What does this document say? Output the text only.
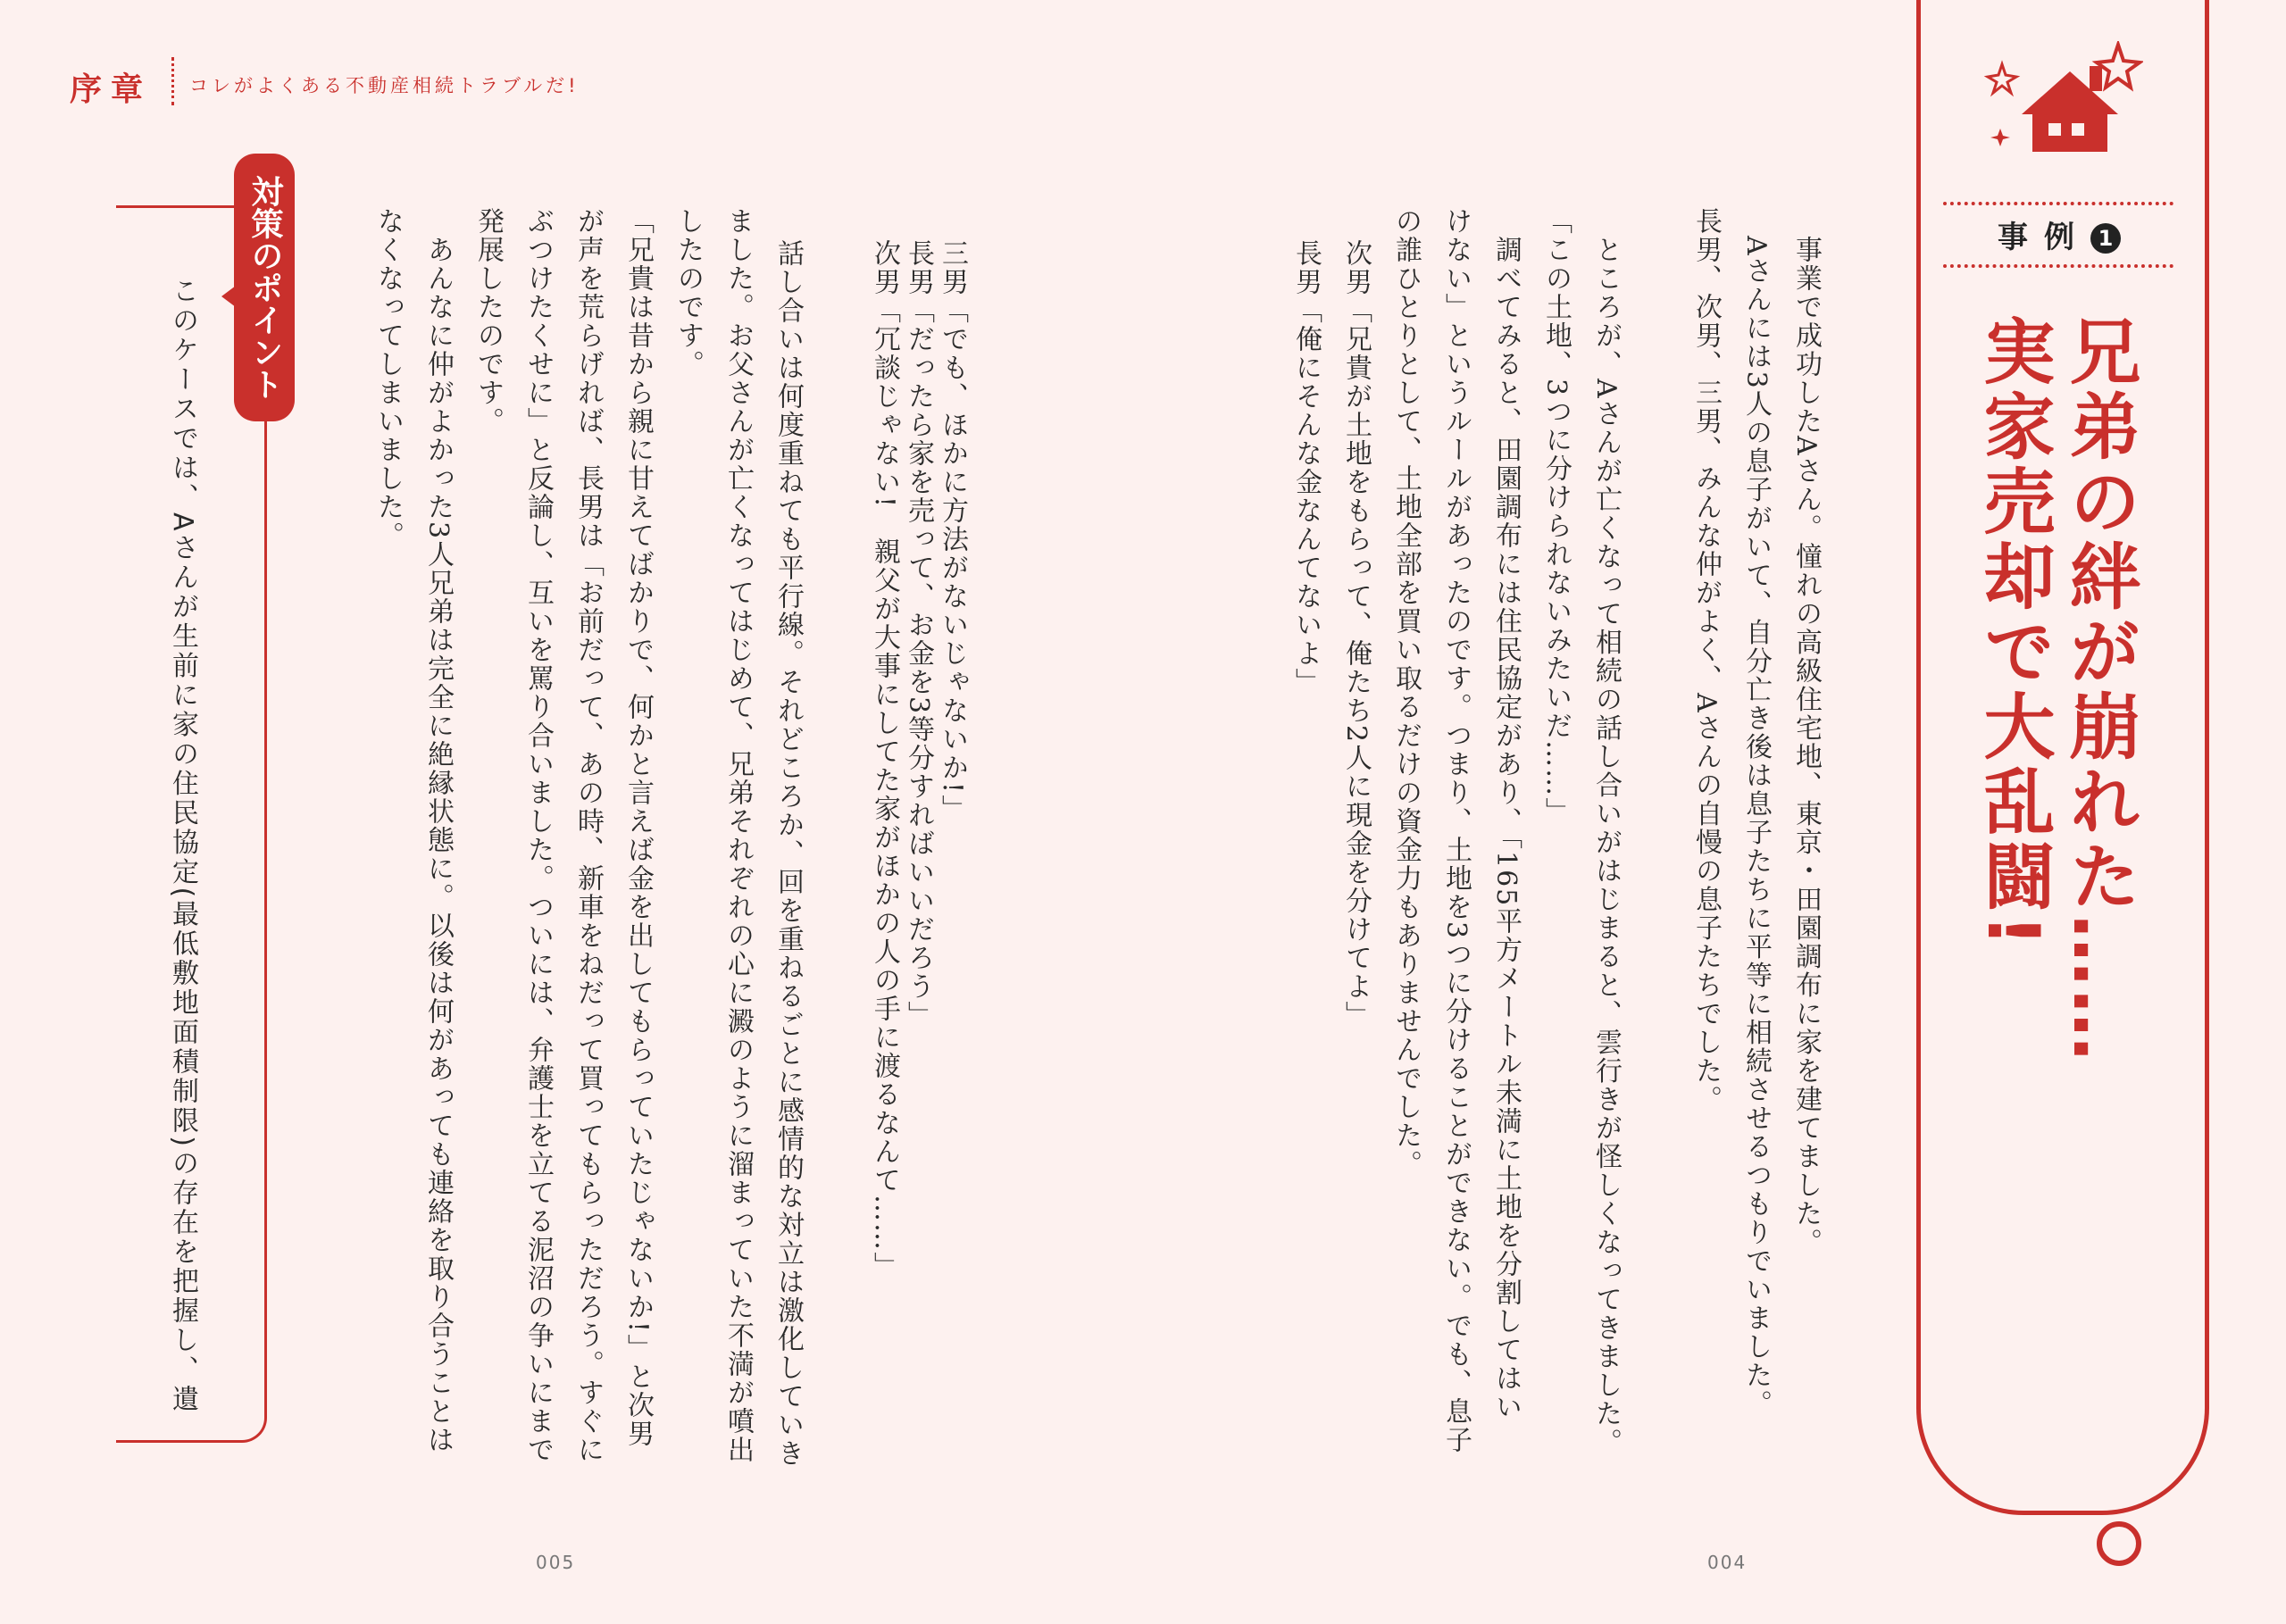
序章 コレがよくある不動産相続トラブルだ!
対策のポイント
このケースでは、Aさんが生前に家の住民協定(最低敷地面積制限)の存在を把握し、遺	三男「でも、ほかに方法がないじゃないか!」
長男「だったら家を売って、お金を3等分すればいいだろう」
次男「冗談じゃない!　親父が大事にしてた家がほかの人の手に渡るなんて……」
話し合いは何度重ねても平行線。それどころか、回を重ねるごとに感情的な対立は激化していき
ました。お父さんが亡くなってはじめて、兄弟それぞれの心に澱のように溜まっていた不満が噴出
したのです。
「兄貴は昔から親に甘えてばかりで、何かと言えば金を出してもらっていたじゃないか!」と次男
が声を荒らげれば、長男は「お前だって、あの時、新車をねだって買ってもらっただろう。すぐに
ぶつけたくせに」と反論し、互いを罵り合いました。ついには、弁護士を立てる泥沼の争いにまで
発展したのです。
　あんなに仲がよかった3人兄弟は完全に絶縁状態に。以後は何があっても連絡を取り合うことは
なくなってしまいました。
005
　事業で成功したAさん。憧れの高級住宅地、東京・田園調布に家を建てました。
　Aさんには3人の息子がいて、自分亡き後は息子たちに平等に相続させるつもりでいました。
長男、次男、三男、みんな仲がよく、Aさんの自慢の息子たちでした。
　ところが、Aさんが亡くなって相続の話し合いがはじまると、雲行きが怪しくなってきました。
「この土地、3つに分けられないみたいだ……」
　調べてみると、田園調布には住民協定があり、「165平方メートル未満に土地を分割してはい
けない」というルールがあったのです。つまり、土地を3つに分けることができない。でも、息子
の誰ひとりとして、土地全部を買い取るだけの資金力もありませんでした。
次男「兄貴が土地をもらって、俺たち2人に現金を分けてよ」
長男「俺にそんな金なんてないよ」
004
事例 1
兄弟の絆が崩れた……
実家売却で大乱闘!
